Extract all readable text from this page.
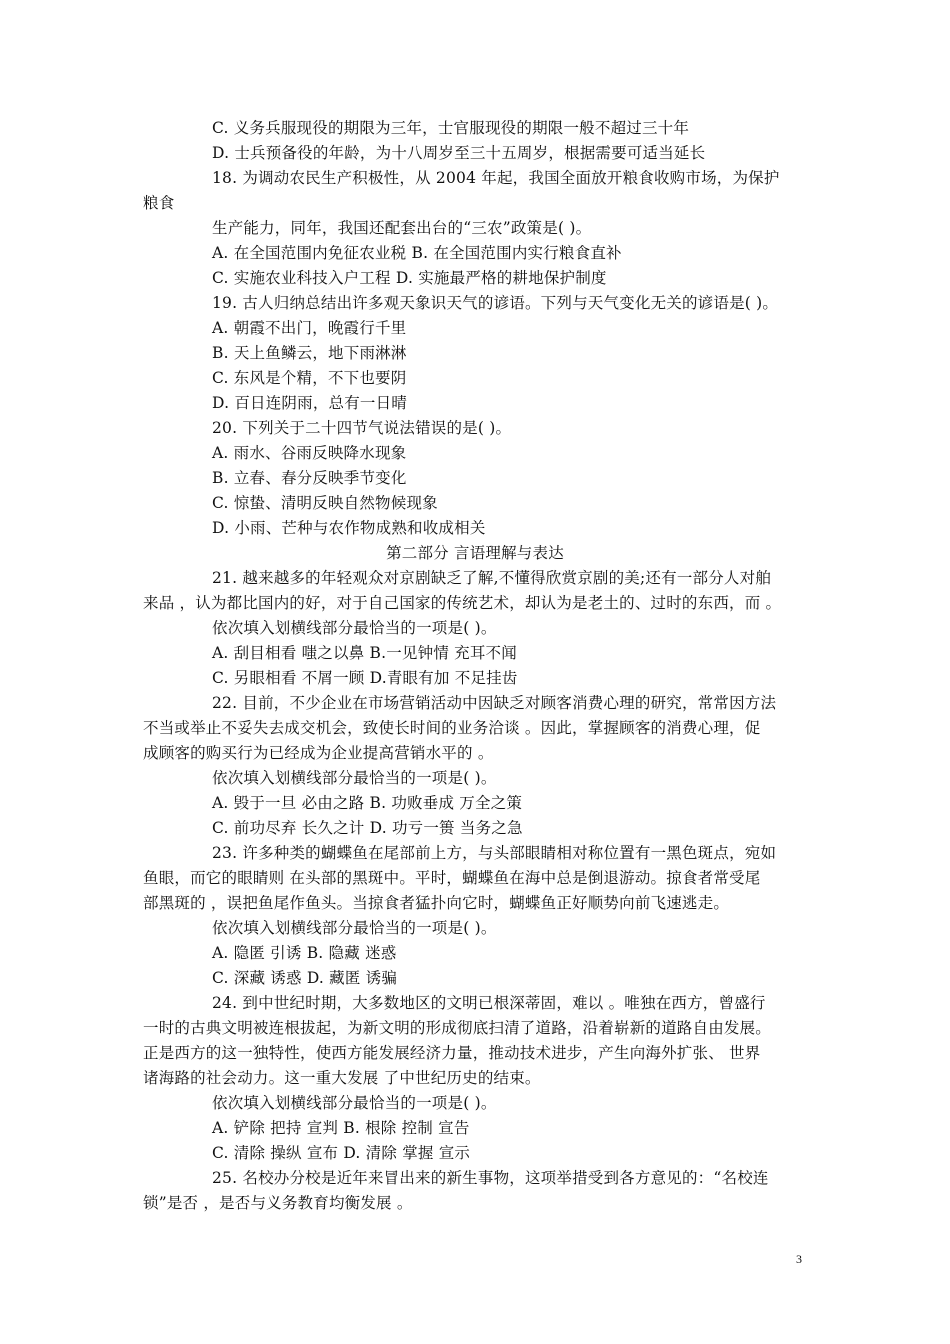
C. 义务兵服现役的期限为三年，士官服现役的期限一般不超过三十年
D. 士兵预备役的年龄，为十八周岁至三十五周岁，根据需要可适当延长
18. 为调动农民生产积极性，从 2004 年起，我国全面放开粮食收购市场，为保护
粮食
生产能力，同年，我国还配套出台的“三农”政策是( )。
A. 在全国范围内免征农业税 B. 在全国范围内实行粮食直补
C. 实施农业科技入户工程 D. 实施最严格的耕地保护制度
19. 古人归纳总结出许多观天象识天气的谚语。下列与天气变化无关的谚语是( )。
A. 朝霞不出门，晚霞行千里
B. 天上鱼鳞云，地下雨淋淋
C. 东风是个精，不下也要阴
D. 百日连阴雨，总有一日晴
20. 下列关于二十四节气说法错误的是( )。
A. 雨水、谷雨反映降水现象
B. 立春、春分反映季节变化
C. 惊蛰、清明反映自然物候现象
D. 小雨、芒种与农作物成熟和收成相关
第二部分 言语理解与表达
21. 越来越多的年轻观众对京剧缺乏了解,不懂得欣赏京剧的美;还有一部分人对舶
来品 ，认为都比国内的好，对于自己国家的传统艺术，却认为是老土的、过时的东西，而 。
依次填入划横线部分最恰当的一项是( )。
A. 刮目相看 嗤之以鼻 B.一见钟情 充耳不闻
C. 另眼相看 不屑一顾 D.青眼有加 不足挂齿
22. 目前，不少企业在市场营销活动中因缺乏对顾客消费心理的研究，常常因方法
不当或举止不妥失去成交机会，致使长时间的业务洽谈 。因此，掌握顾客的消费心理，促
成顾客的购买行为已经成为企业提高营销水平的 。
依次填入划横线部分最恰当的一项是( )。
A. 毁于一旦 必由之路 B. 功败垂成 万全之策
C. 前功尽弃 长久之计 D. 功亏一篑 当务之急
23. 许多种类的蝴蝶鱼在尾部前上方，与头部眼睛相对称位置有一黑色斑点，宛如
鱼眼，而它的眼睛则 在头部的黑斑中。平时，蝴蝶鱼在海中总是倒退游动。掠食者常受尾
部黑斑的 ，误把鱼尾作鱼头。当掠食者猛扑向它时，蝴蝶鱼正好顺势向前飞速逃走。
依次填入划横线部分最恰当的一项是( )。
A. 隐匿 引诱 B. 隐藏 迷惑
C. 深藏 诱惑 D. 藏匿 诱骗
24. 到中世纪时期，大多数地区的文明已根深蒂固，难以 。唯独在西方，曾盛行
一时的古典文明被连根拔起，为新文明的形成彻底扫清了道路，沿着崭新的道路自由发展。
正是西方的这一独特性，使西方能发展经济力量，推动技术进步，产生向海外扩张、 世界
诸海路的社会动力。这一重大发展 了中世纪历史的结束。
依次填入划横线部分最恰当的一项是( )。
A. 铲除 把持 宣判 B. 根除 控制 宣告
C. 清除 操纵 宣布 D. 清除 掌握 宣示
25. 名校办分校是近年来冒出来的新生事物，这项举措受到各方意见的：“名校连
锁”是否 ，是否与义务教育均衡发展 。
3
